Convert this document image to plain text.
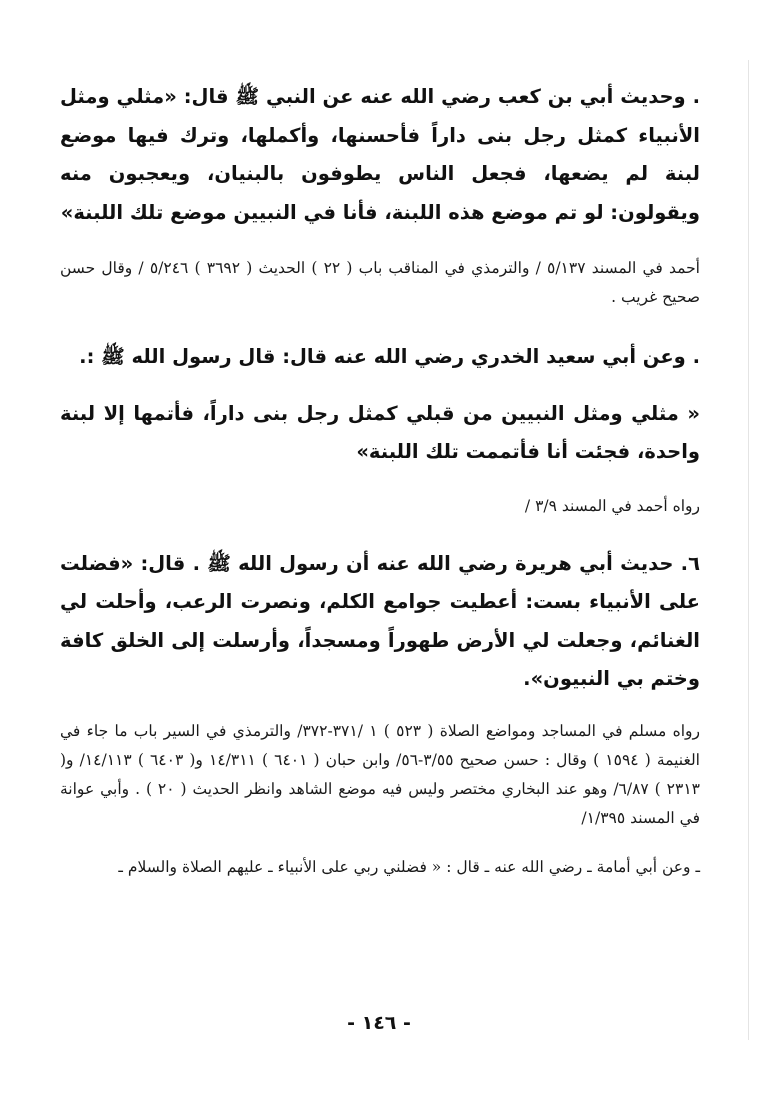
. وحديث أبي بن كعب رضي الله عنه عن النبي ﷺ قال: «مثلي ومثل الأنبياء كمثل رجل بنى داراً فأحسنها، وأكملها، وترك فيها موضع لبنة لم يضعها، فجعل الناس يطوفون بالبنيان، ويعجبون منه ويقولون: لو تم موضع هذه اللبنة، فأنا في النبيين موضع تلك اللبنة»

أحمد في المسند ٥/١٣٧ / والترمذي في المناقب باب ( ٢٢ ) الحديث ( ٣٦٩٢ ) ٥/٢٤٦ / وقال حسن صحيح غريب .

. وعن أبي سعيد الخدري رضي الله عنه قال: قال رسول الله ﷺ :.

« مثلي ومثل النبيين من قبلي كمثل رجل بنى داراً، فأتمها إلا لبنة واحدة، فجئت أنا فأتممت تلك اللبنة»

رواه أحمد في المسند ٣/٩ /

٦. حديث أبي هريرة رضي الله عنه أن رسول الله ﷺ . قال: «فضلت على الأنبياء بست: أعطيت جوامع الكلم، ونصرت الرعب، وأحلت لي الغنائم، وجعلت لي الأرض طهوراً ومسجداً، وأرسلت إلى الخلق كافة وختم بي النبيون».

رواه مسلم في المساجد ومواضع الصلاة ( ٥٢٣ ) ١ /٣٧١-٣٧٢/ والترمذي في السير باب ما جاء في الغنيمة ( ١٥٩٤ ) وقال : حسن صحيح ٣/٥٥-٥٦/ وابن حبان ( ٦٤٠١ ) ١٤/٣١١ و( ٦٤٠٣ ) ١٤/١١٣/ و( ٢٣١٣ ) ٦/٨٧/ وهو عند البخاري مختصر وليس فيه موضع الشاهد وانظر الحديث ( ٢٠ ) . وأبي عوانة في المسند ١/٣٩٥/

ـ وعن أبي أمامة ـ رضي الله عنه ـ قال : « فضلني ربي على الأنبياء ـ عليهم الصلاة والسلام ـ

- ١٤٦ -
